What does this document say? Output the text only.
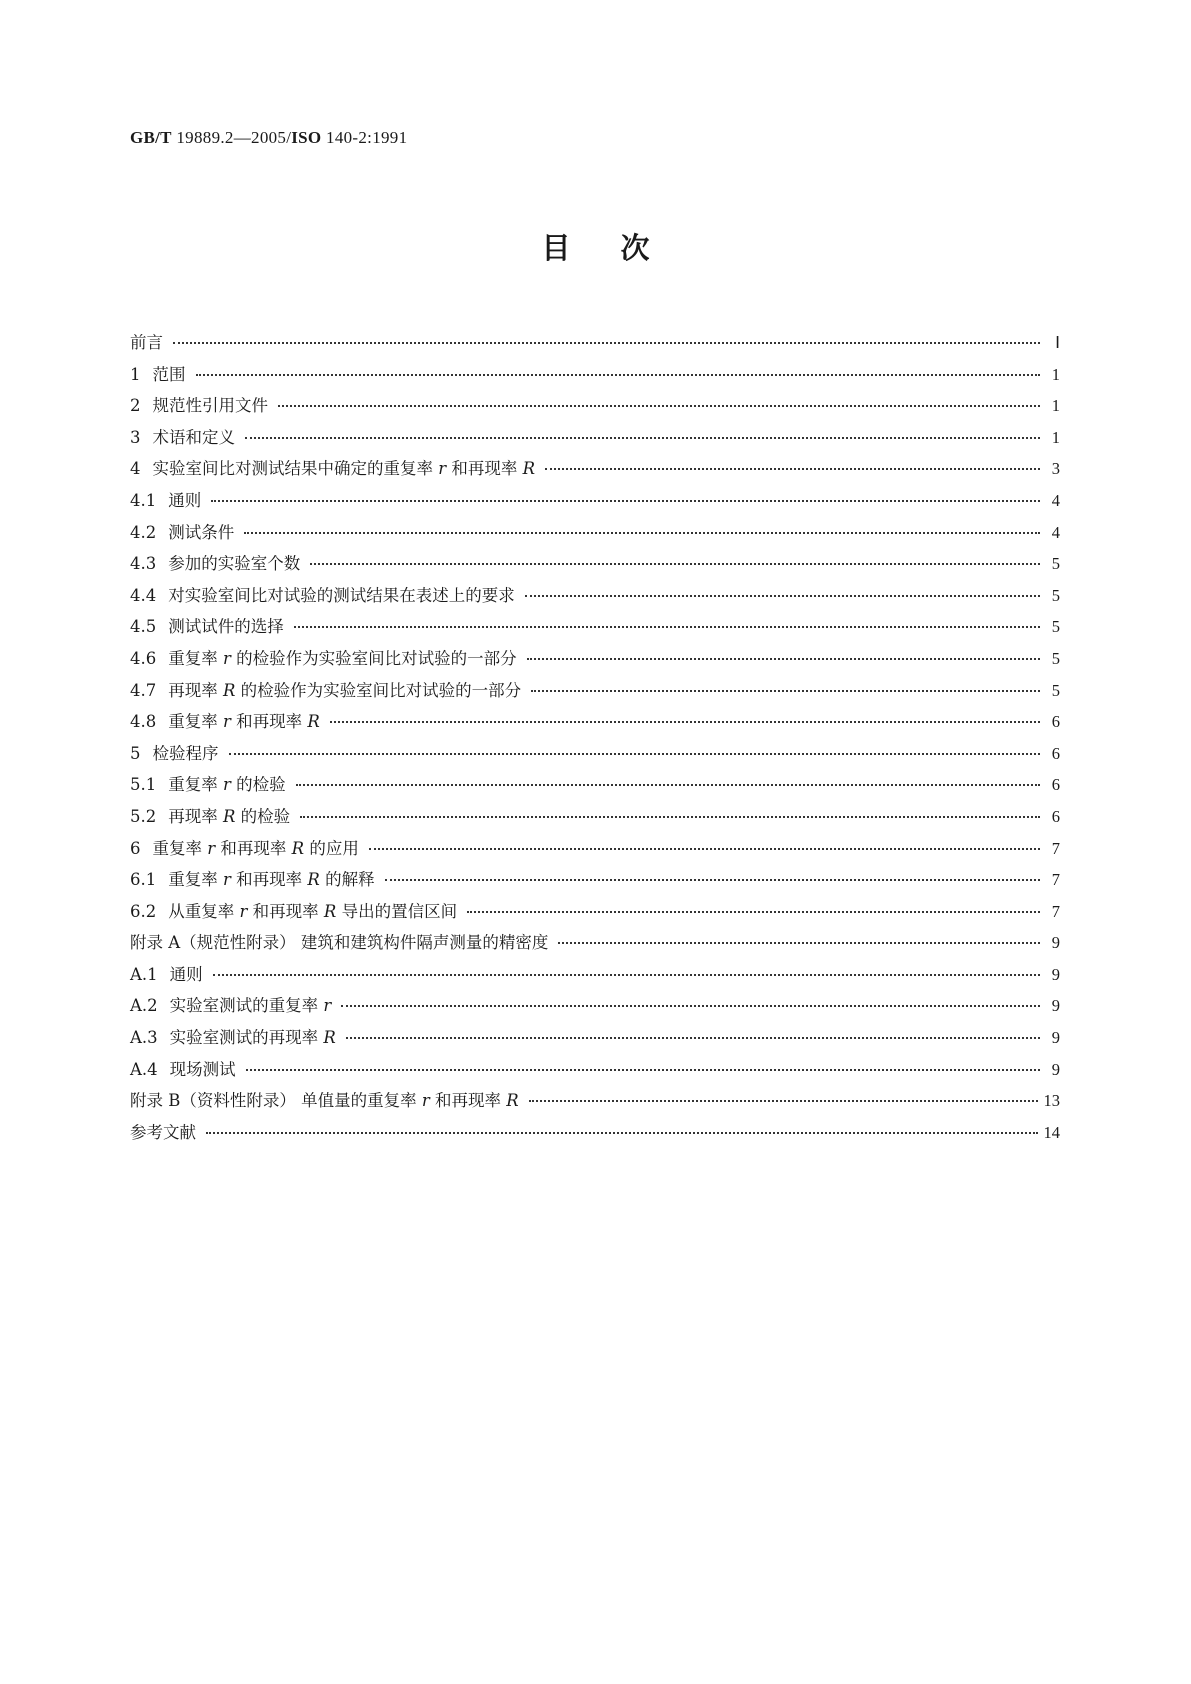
GB/T 19889.2—2005/ISO 140-2:1991
目次
前言	Ⅰ
1 范围	1
2 规范性引用文件	1
3 术语和定义	1
4 实验室间比对测试结果中确定的重复率 r 和再现率 R	3
4.1 通则	4
4.2 测试条件	4
4.3 参加的实验室个数	5
4.4 对实验室间比对试验的测试结果在表述上的要求	5
4.5 测试试件的选择	5
4.6 重复率 r 的检验作为实验室间比对试验的一部分	5
4.7 再现率 R 的检验作为实验室间比对试验的一部分	5
4.8 重复率 r 和再现率 R	6
5 检验程序	6
5.1 重复率 r 的检验	6
5.2 再现率 R 的检验	6
6 重复率 r 和再现率 R 的应用	7
6.1 重复率 r 和再现率 R 的解释	7
6.2 从重复率 r 和再现率 R 导出的置信区间	7
附录 A（规范性附录） 建筑和建筑构件隔声测量的精密度	9
A.1 通则	9
A.2 实验室测试的重复率 r	9
A.3 实验室测试的再现率 R	9
A.4 现场测试	9
附录 B（资料性附录） 单值量的重复率 r 和再现率 R	13
参考文献	14
